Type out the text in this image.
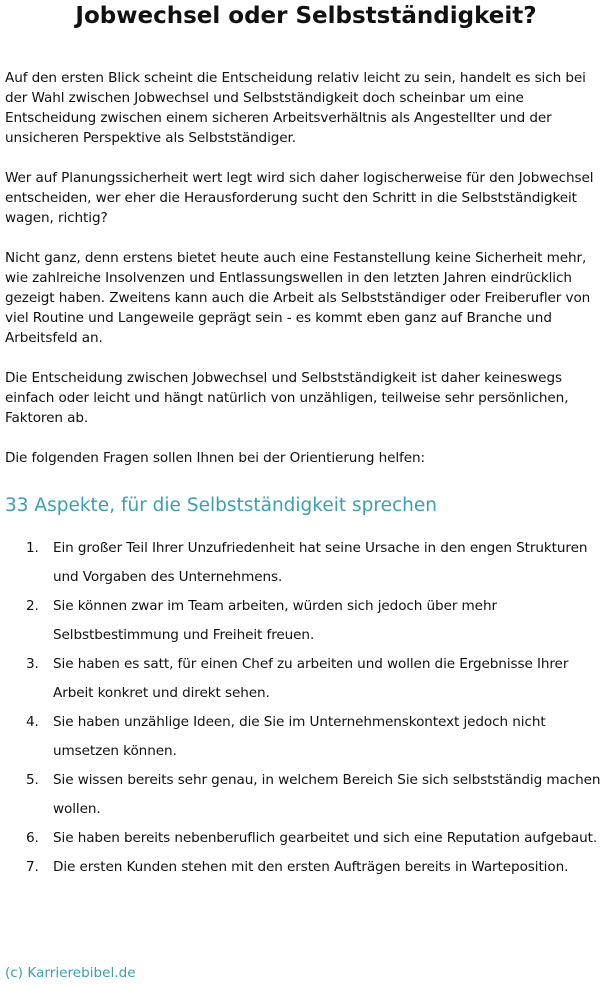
Jobwechsel oder Selbstständigkeit?

Auf den ersten Blick scheint die Entscheidung relativ leicht zu sein, handelt es sich bei der Wahl zwischen Jobwechsel und Selbstständigkeit doch scheinbar um eine Entscheidung zwischen einem sicheren Arbeitsverhältnis als Angestellter und der unsicheren Perspektive als Selbstständiger.

Wer auf Planungssicherheit wert legt wird sich daher logischerweise für den Jobwechsel entscheiden, wer eher die Herausforderung sucht den Schritt in die Selbstständigkeit wagen, richtig?

Nicht ganz, denn erstens bietet heute auch eine Festanstellung keine Sicherheit mehr, wie zahlreiche Insolvenzen und Entlassungswellen in den letzten Jahren eindrücklich gezeigt haben. Zweitens kann auch die Arbeit als Selbstständiger oder Freiberufler von viel Routine und Langeweile geprägt sein - es kommt eben ganz auf Branche und Arbeitsfeld an.

Die Entscheidung zwischen Jobwechsel und Selbstständigkeit ist daher keineswegs einfach oder leicht und hängt natürlich von unzähligen, teilweise sehr persönlichen, Faktoren ab.

Die folgenden Fragen sollen Ihnen bei der Orientierung helfen:

33 Aspekte, für die Selbstständigkeit sprechen
1. Ein großer Teil Ihrer Unzufriedenheit hat seine Ursache in den engen Strukturen und Vorgaben des Unternehmens.
2. Sie können zwar im Team arbeiten, würden sich jedoch über mehr Selbstbestimmung und Freiheit freuen.
3. Sie haben es satt, für einen Chef zu arbeiten und wollen die Ergebnisse Ihrer Arbeit konkret und direkt sehen.
4. Sie haben unzählige Ideen, die Sie im Unternehmenskontext jedoch nicht umsetzen können.
5. Sie wissen bereits sehr genau, in welchem Bereich Sie sich selbstständig machen wollen.
6. Sie haben bereits nebenberuflich gearbeitet und sich eine Reputation aufgebaut.
7. Die ersten Kunden stehen mit den ersten Aufträgen bereits in Warteposition.

(c) Karrierebibel.de
